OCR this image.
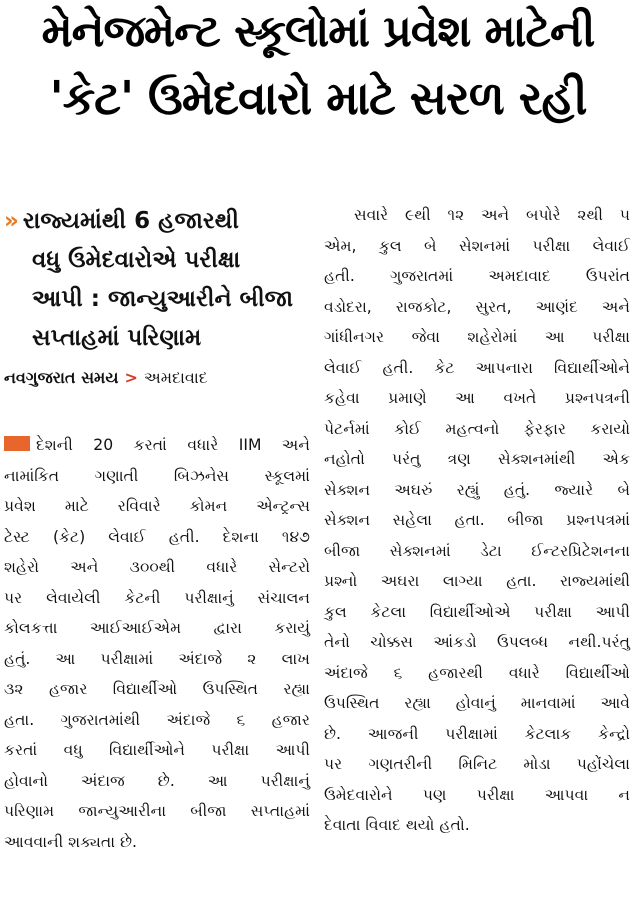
મેનેજમેન્ટ સ્કૂલોમાં પ્રવેશ માટેની
'કેટ' ઉમેદવારો માટે સરળ રહી
» રાજ્યમાંથી 6 હજારથી
વધુ ઉમેદવારોએ પરીક્ષા
આપી : જાન્યુઆરીને બીજા
સપ્તાહમાં પરિણામ
નવગુજરાત સમય > અમદાવાદ
દેશની 20 કરતાં વધારે IIM અને
નામાંકિત ગણાતી બિઝનેસ સ્કૂલમાં
પ્રવેશ માટે રવિવારે કોમન એન્ટ્રન્સ
ટેસ્ટ (કેટ) લેવાઈ હતી. દેશના ૧૪૭
શહેરો અને ૩૦૦થી વધારે સેન્ટરો
પર લેવાયેલી કેટની પરીક્ષાનું સંચાલન
કોલકત્તા આઈઆઈએમ દ્વારા કરાયું
હતું. આ પરીક્ષામાં અંદાજે ૨ લાખ
૩૨ હજાર વિદ્યાર્થીઓ ઉપસ્થિત રહ્યા
હતા. ગુજરાતમાંથી અંદાજે ૬ હજાર
કરતાં વધુ વિદ્યાર્થીઓને પરીક્ષા આપી
હોવાનો અંદાજ છે. આ પરીક્ષાનું
પરિણામ જાન્યુઆરીના બીજા સપ્તાહમાં
આવવાની શક્યતા છે.
સવારે ૯થી ૧૨ અને બપોરે ૨થી ૫
એમ, કુલ બે સેશનમાં પરીક્ષા લેવાઈ
હતી. ગુજરાતમાં અમદાવાદ ઉપરાંત
વડોદરા, રાજકોટ, સુરત, આણંદ અને
ગાંધીનગર જેવા શહેરોમાં આ પરીક્ષા
લેવાઈ હતી. કેટ આપનારા વિદ્યાર્થીઓને
કહેવા પ્રમાણે આ વખતે પ્રશ્નપત્રની
પેટર્નમાં કોઈ મહત્વનો ફેરફાર કરાયો
નહોતો પરંતુ ત્રણ સેક્શનમાંથી એક
સેક્શન અઘરું રહ્યું હતું. જ્યારે બે
સેક્શન સહેલા હતા. બીજા પ્રશ્નપત્રમાં
બીજા સેક્શનમાં ડેટા ઈન્ટરપ્રિટેશનના
પ્રશ્નો અઘરા લાગ્યા હતા. રાજ્યમાંથી
કુલ કેટલા વિદ્યાર્થીઓએ પરીક્ષા આપી
તેનો ચોક્કસ આંકડો ઉપલબ્ધ નથી.પરંતુ
અંદાજે ૬ હજારથી વધારે વિદ્યાર્થીઓ
ઉપસ્થિત રહ્યા હોવાનું માનવામાં આવે
છે. આજની પરીક્ષામાં કેટલાક કેન્દ્રો
પર ગણતરીની મિનિટ મોડા પહોંચેલા
ઉમેદવારોને પણ પરીક્ષા આપવા ન
દેવાતા વિવાદ થયો હતો.
